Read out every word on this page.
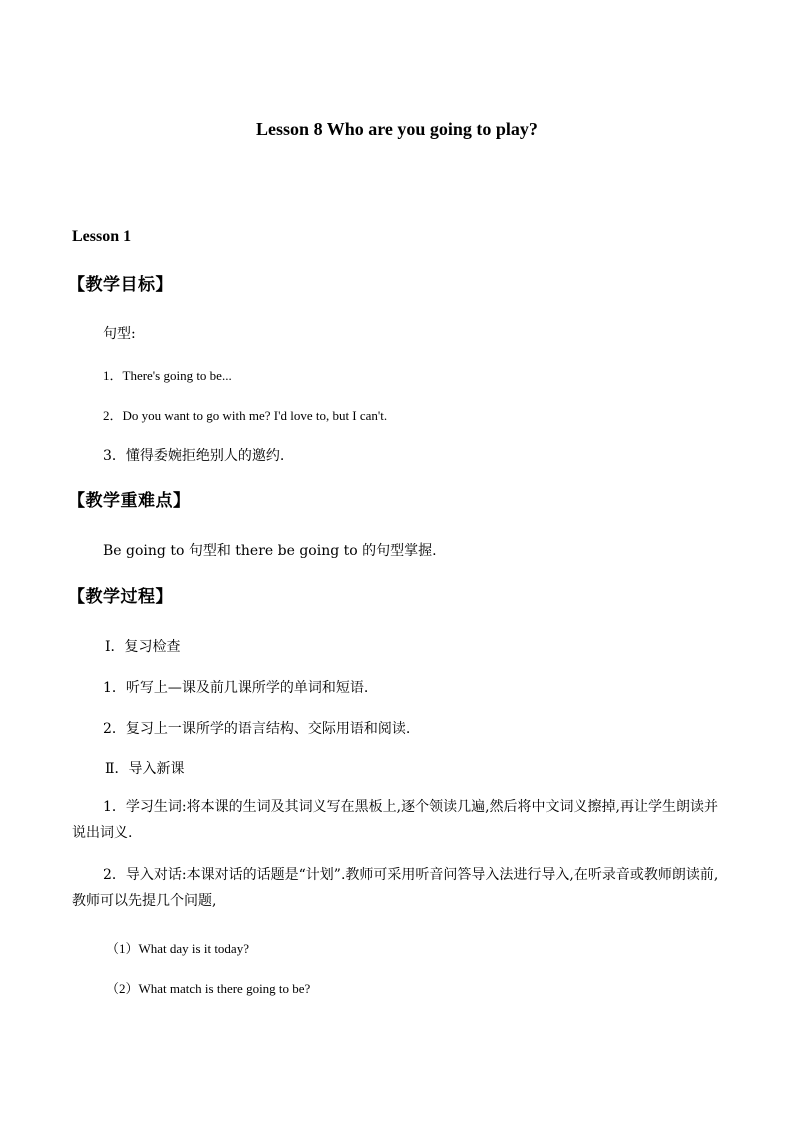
Lesson 8 Who are you going to play?
Lesson 1
【教学目标】
句型:
1．There's going to be...
2．Do you want to go with me? I'd love to, but I can't.
3．懂得委婉拒绝别人的邀约.
【教学重难点】
Be going to 句型和 there be going to 的句型掌握.
【教学过程】
Ⅰ．复习检查
1．听写上—课及前几课所学的单词和短语.
2．复习上一课所学的语言结构、交际用语和阅读.
Ⅱ．导入新课
1．学习生词:将本课的生词及其词义写在黑板上,逐个领读几遍,然后将中文词义擦掉,再让学生朗读并说出词义.
2．导入对话:本课对话的话题是“计划”.教师可采用听音问答导入法进行导入,在听录音或教师朗读前,教师可以先提几个问题,
（1）What day is it today?
（2）What match is there going to be?
